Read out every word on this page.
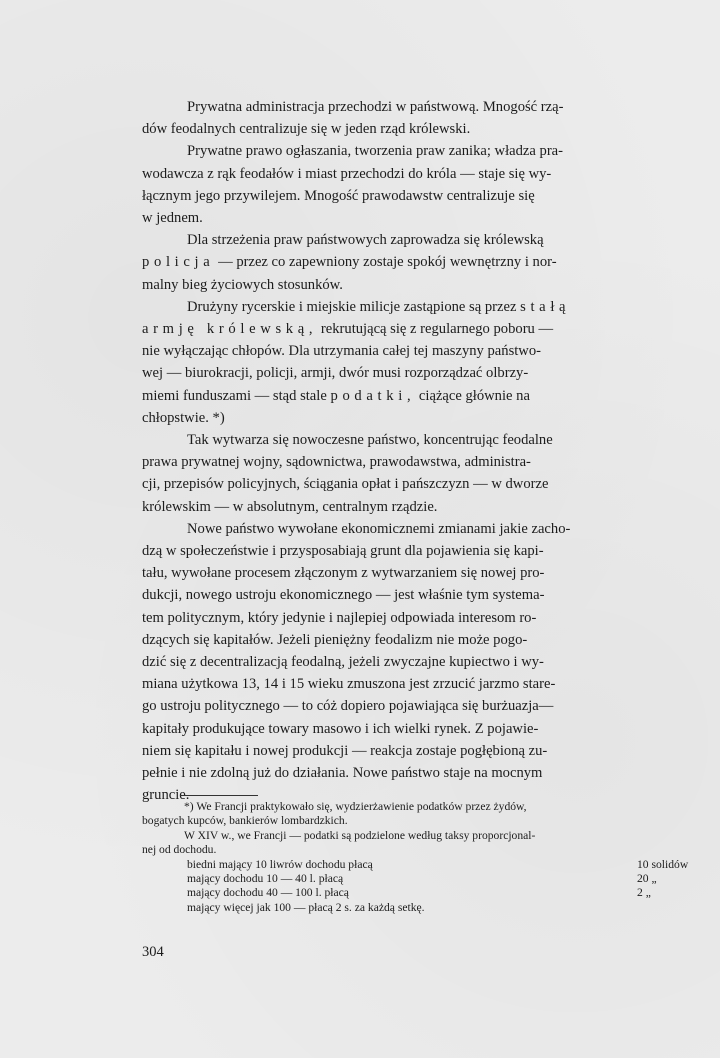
Prywatna administracja przechodzi w państwową. Mnogość rzą-
dów feodalnych centralizuje się w jeden rząd królewski.

Prywatne prawo ogłaszania, tworzenia praw zanika; władza pra-
wodawcza z rąk feodałów i miast przechodzi do króla — staje się wy-
łącznym jego przywilejem. Mnogość prawodawstw centralizuje się
w jednem.

Dla strzeżenia praw państwowych zaprowadza się królewską
policja — przez co zapewniony zostaje spokój wewnętrzny i nor-
malny bieg życiowych stosunków.

Drużyny rycerskie i miejskie milicje zastąpione są przez stałą
armję królewską, rekrutującą się z regularnego poboru —
nie wyłączając chłopów. Dla utrzymania całej tej maszyny państwo-
wej — biurokracji, policji, armji, dwór musi rozporządzać olbrzy-
miemi funduszami — stąd stale podatki, ciążące głównie na
chłopstwie. *)

Tak wytwarza się nowoczesne państwo, koncentrując feodalne
prawa prywatnej wojny, sądownictwa, prawodawstwa, administra-
cji, przepisów policyjnych, ściągania opłat i pańszczyzn — w dworze
królewskim — w absolutnym, centralnym rządzie.

Nowe państwo wywołane ekonomicznemi zmianami jakie zacho-
dzą w społeczeństwie i przysposabiają grunt dla pojawienia się kapi-
tału, wywołane procesem złączonym z wytwarzaniem się nowej pro-
dukcji, nowego ustroju ekonomicznego — jest właśnie tym systema-
tem politycznym, który jedynie i najlepiej odpowiada interesom ro-
dzących się kapitałów. Jeżeli pieniężny feodalizm nie może pogo-
dzić się z decentralizacją feodalną, jeżeli zwyczajne kupiectwo i wy-
miana użytkowa 13, 14 i 15 wieku zmuszona jest zrzucić jarzmo stare-
go ustroju politycznego — to cóż dopiero pojawiająca się burżuazja—
kapitały produkujące towary masowo i ich wielki rynek. Z pojawie-
niem się kapitału i nowej produkcji — reakcja zostaje pogłębioną zu-
pełnie i nie zdolną już do działania. Nowe państwo staje na mocnym
gruncie.

*) We Francji praktykowało się, wydzierżawienie podatków przez żydów,
bogatych kupców, bankierów lombardzkich.
W XIV w., we Francji — podatki są podzielone według taksy proporcjonal-
nej od dochodu.
biedni mający 10 liwrów dochodu płacą	10 solidów
mający dochodu 10 — 40 l. płacą	20 „
mający dochodu 40 — 100 l. płacą	2 „
mający więcej jak 100 — płacą 2 s. za każdą setkę.
304
